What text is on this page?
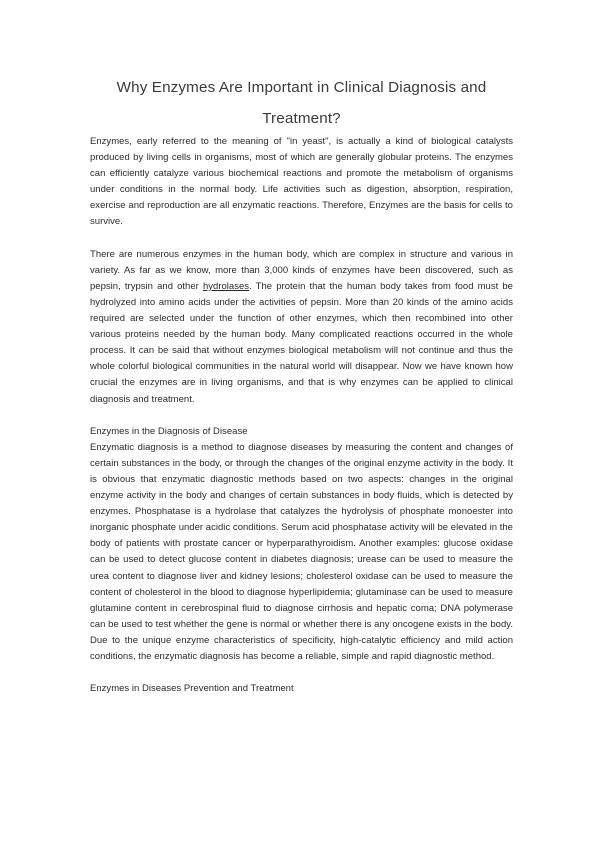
Why Enzymes Are Important in Clinical Diagnosis and
Treatment?

Enzymes, early referred to the meaning of "in yeast", is actually a kind of biological catalysts produced by living cells in organisms, most of which are generally globular proteins. The enzymes can efficiently catalyze various biochemical reactions and promote the metabolism of organisms under conditions in the normal body. Life activities such as digestion, absorption, respiration, exercise and reproduction are all enzymatic reactions. Therefore, Enzymes are the basis for cells to survive.

There are numerous enzymes in the human body, which are complex in structure and various in variety. As far as we know, more than 3,000 kinds of enzymes have been discovered, such as pepsin, trypsin and other hydrolases. The protein that the human body takes from food must be hydrolyzed into amino acids under the activities of pepsin. More than 20 kinds of the amino acids required are selected under the function of other enzymes, which then recombined into other various proteins needed by the human body. Many complicated reactions occurred in the whole process. It can be said that without enzymes biological metabolism will not continue and thus the whole colorful biological communities in the natural world will disappear. Now we have known how crucial the enzymes are in living organisms, and that is why enzymes can be applied to clinical diagnosis and treatment.

Enzymes in the Diagnosis of Disease

Enzymatic diagnosis is a method to diagnose diseases by measuring the content and changes of certain substances in the body, or through the changes of the original enzyme activity in the body. It is obvious that enzymatic diagnostic methods based on two aspects: changes in the original enzyme activity in the body and changes of certain substances in body fluids, which is detected by enzymes. Phosphatase is a hydrolase that catalyzes the hydrolysis of phosphate monoester into inorganic phosphate under acidic conditions. Serum acid phosphatase activity will be elevated in the body of patients with prostate cancer or hyperparathyroidism. Another examples: glucose oxidase can be used to detect glucose content in diabetes diagnosis; urease can be used to measure the urea content to diagnose liver and kidney lesions; cholesterol oxidase can be used to measure the content of cholesterol in the blood to diagnose hyperlipidemia; glutaminase can be used to measure glutamine content in cerebrospinal fluid to diagnose cirrhosis and hepatic coma; DNA polymerase can be used to test whether the gene is normal or whether there is any oncogene exists in the body. Due to the unique enzyme characteristics of specificity, high-catalytic efficiency and mild action conditions, the enzymatic diagnosis has become a reliable, simple and rapid diagnostic method.

Enzymes in Diseases Prevention and Treatment
